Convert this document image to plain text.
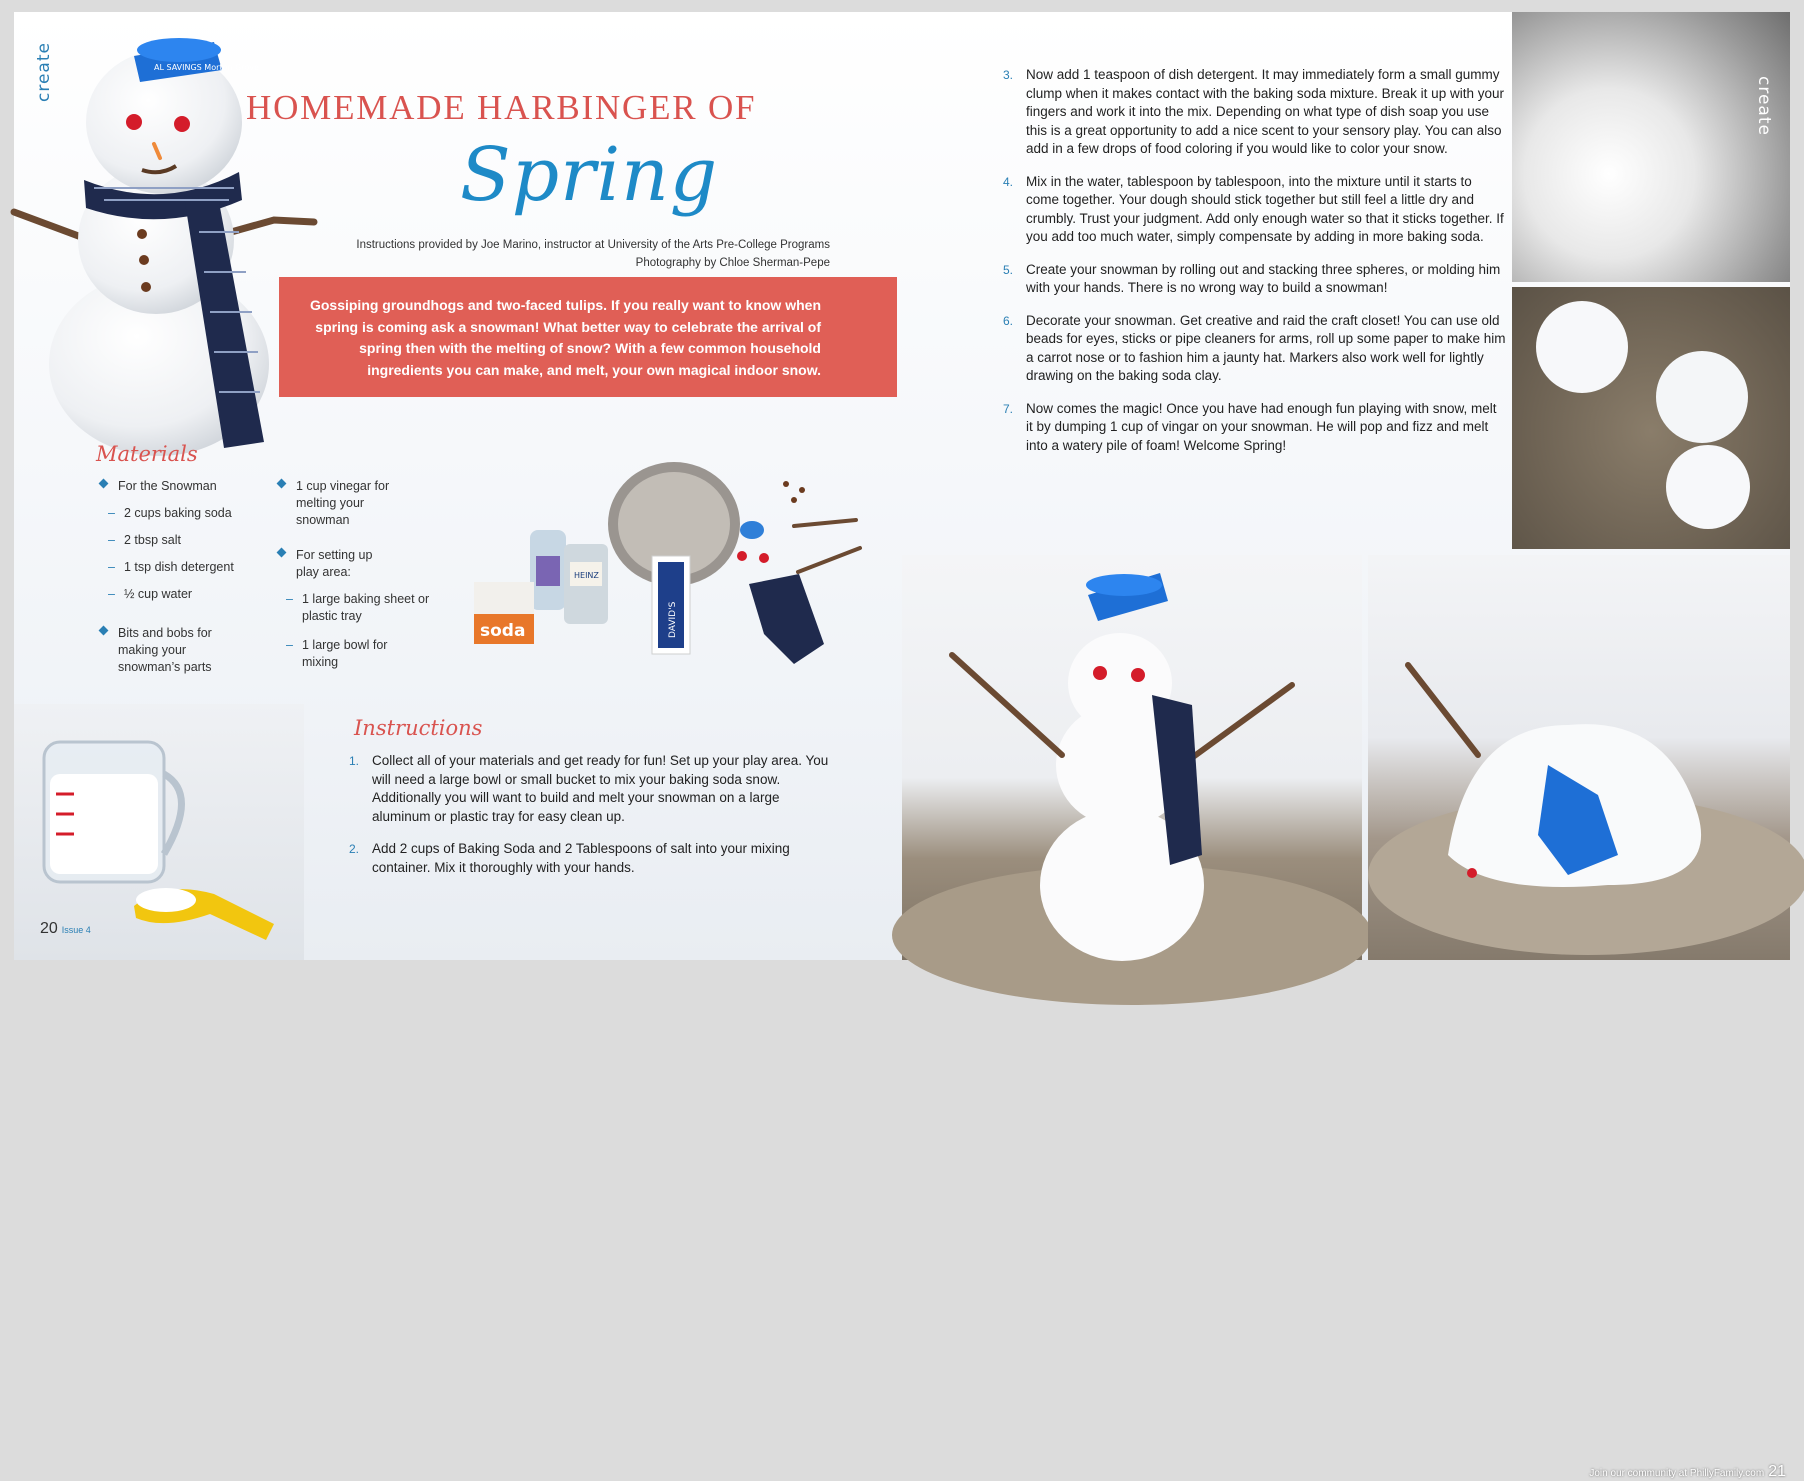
create	AL SAVINGS Morton Grove
HOMEMADE HARBINGER OF
Spring
Instructions provided by Joe Marino, instructor at University of the Arts Pre-College Programs
Photography by Chloe Sherman-Pepe
Gossiping groundhogs and two-faced tulips. If you really want to know when spring is coming ask a snowman! What better way to celebrate the arrival of spring then with the melting of snow? With a few common household ingredients you can make, and melt, your own magical indoor snow.
Materials
For the Snowman
– 2 cups baking soda
– 2 tbsp salt
– 1 tsp dish detergent
– ½ cup water
Bits and bobs for making your snowman’s parts
1 cup vinegar for melting your snowman
For setting up play area:
– 1 large baking sheet or plastic tray
– 1 large bowl for mixing
HEINZ
soda	DAVID'S
Instructions
1. Collect all of your materials and get ready for fun! Set up your play area. You will need a large bowl or small bucket to mix your baking soda snow. Additionally you will want to build and melt your snowman on a large aluminum or plastic tray for easy clean up.
2. Add 2 cups of Baking Soda and 2 Tablespoons of salt into your mixing container. Mix it thoroughly with your hands.
20 Issue 4
3. Now add 1 teaspoon of dish detergent. It may immediately form a small gummy clump when it makes contact with the baking soda mixture. Break it up with your fingers and work it into the mix. Depending on what type of dish soap you use this is a great opportunity to add a nice scent to your sensory play. You can also add in a few drops of food coloring if you would like to color your snow.
4. Mix in the water, tablespoon by tablespoon, into the mixture until it starts to come together. Your dough should stick together but still feel a little dry and crumbly. Trust your judgment. Add only enough water so that it sticks together. If you add too much water, simply compensate by adding in more baking soda.
5. Create your snowman by rolling out and stacking three spheres, or molding him with your hands. There is no wrong way to build a snowman!
6. Decorate your snowman. Get creative and raid the craft closet! You can use old beads for eyes, sticks or pipe cleaners for arms, roll up some paper to make him a carrot nose or to fashion him a jaunty hat. Markers also work well for lightly drawing on the baking soda clay.
7. Now comes the magic! Once you have had enough fun playing with snow, melt it by dumping 1 cup of vingar on your snowman. He will pop and fizz and melt into a watery pile of foam! Welcome Spring!
create
Join our community at PhillyFamily.com 21
